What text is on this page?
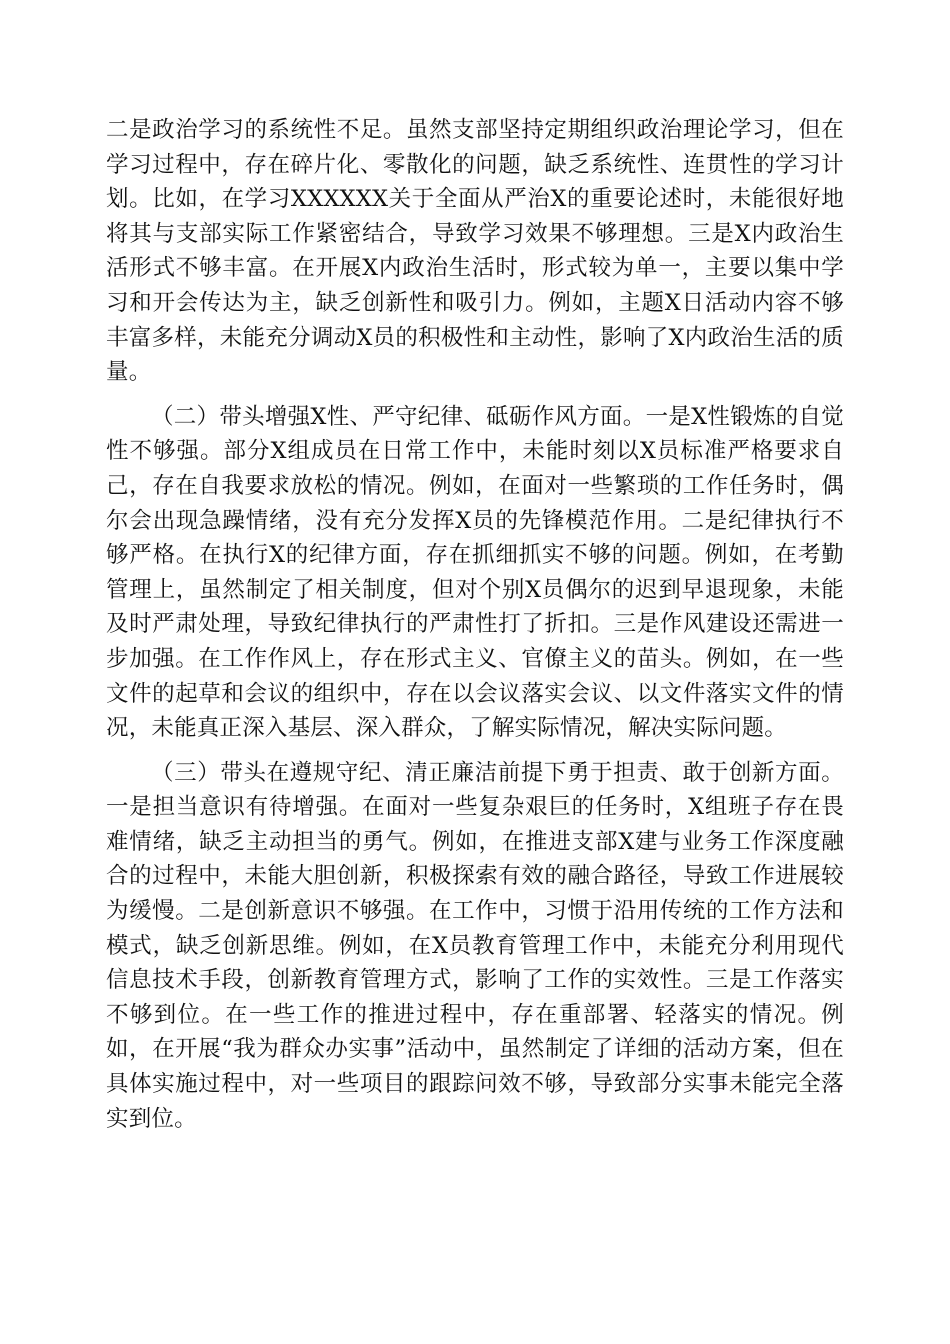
二是政治学习的系统性不足。虽然支部坚持定期组织政治理论学习，但在学习过程中，存在碎片化、零散化的问题，缺乏系统性、连贯性的学习计划。比如，在学习XXXXXX关于全面从严治X的重要论述时，未能很好地将其与支部实际工作紧密结合，导致学习效果不够理想。三是X内政治生活形式不够丰富。在开展X内政治生活时，形式较为单一，主要以集中学习和开会传达为主，缺乏创新性和吸引力。例如，主题X日活动内容不够丰富多样，未能充分调动X员的积极性和主动性，影响了X内政治生活的质量。

（二）带头增强X性、严守纪律、砥砺作风方面。一是X性锻炼的自觉性不够强。部分X组成员在日常工作中，未能时刻以X员标准严格要求自己，存在自我要求放松的情况。例如，在面对一些繁琐的工作任务时，偶尔会出现急躁情绪，没有充分发挥X员的先锋模范作用。二是纪律执行不够严格。在执行X的纪律方面，存在抓细抓实不够的问题。例如，在考勤管理上，虽然制定了相关制度，但对个别X员偶尔的迟到早退现象，未能及时严肃处理，导致纪律执行的严肃性打了折扣。三是作风建设还需进一步加强。在工作作风上，存在形式主义、官僚主义的苗头。例如，在一些文件的起草和会议的组织中，存在以会议落实会议、以文件落实文件的情况，未能真正深入基层、深入群众，了解实际情况，解决实际问题。

（三）带头在遵规守纪、清正廉洁前提下勇于担责、敢于创新方面。一是担当意识有待增强。在面对一些复杂艰巨的任务时，X组班子存在畏难情绪，缺乏主动担当的勇气。例如，在推进支部X建与业务工作深度融合的过程中，未能大胆创新，积极探索有效的融合路径，导致工作进展较为缓慢。二是创新意识不够强。在工作中，习惯于沿用传统的工作方法和模式，缺乏创新思维。例如，在X员教育管理工作中，未能充分利用现代信息技术手段，创新教育管理方式，影响了工作的实效性。三是工作落实不够到位。在一些工作的推进过程中，存在重部署、轻落实的情况。例如，在开展“我为群众办实事”活动中，虽然制定了详细的活动方案，但在具体实施过程中，对一些项目的跟踪问效不够，导致部分实事未能完全落实到位。
